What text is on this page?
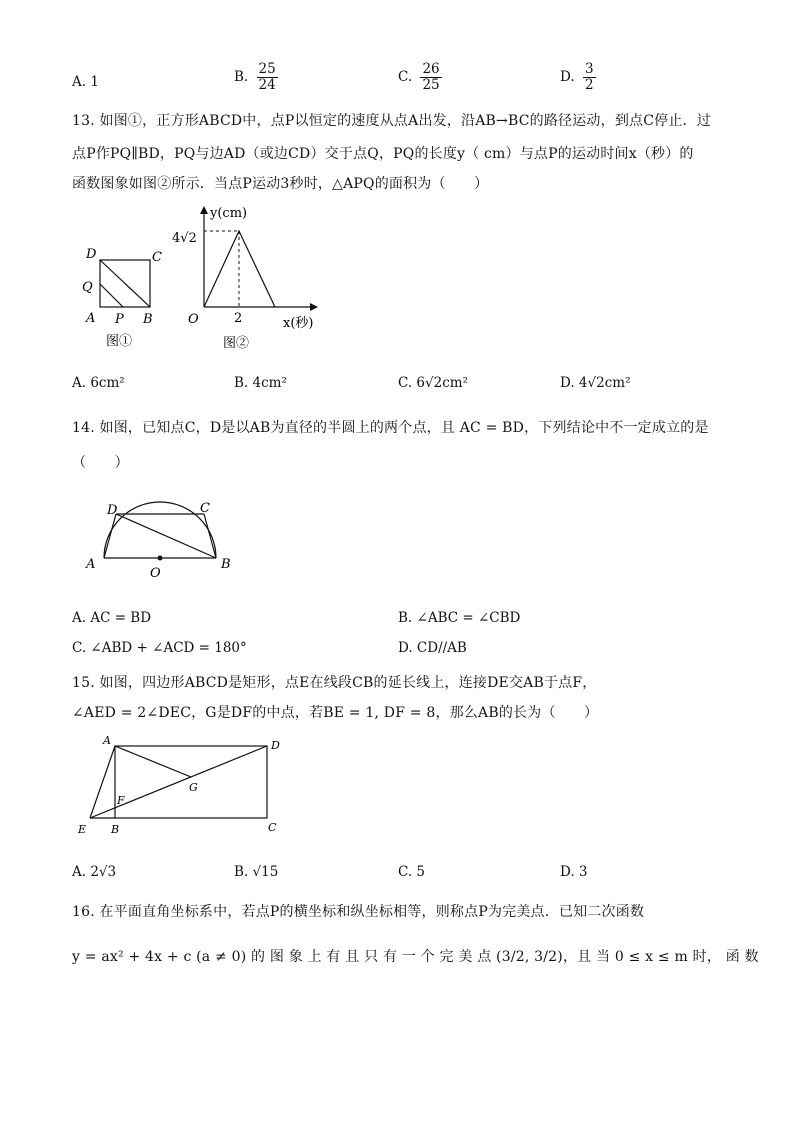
A. 1	B. $\frac{25}{24}$	C. $\frac{26}{25}$	D. $\frac{3}{2}$
13. 如图①，正方形ABCD中，点P以恒定的速度从点A出发，沿AB→BC的路径运动，到点C停止．过
点P作PQ∥BD，PQ与边AD（或边CD）交于点Q，PQ的长度y（ cm）与点P的运动时间x（秒）的
函数图象如图②所示．当点P运动3秒时，△APQ的面积为（　　）
D	C
Q
A P B
图①
y(cm)
4√2
O	2	x(秒)
图②
A. 6cm²	B. 4cm²	C. 6√2cm²	D. 4√2cm²
14. 如图，已知点C，D是以AB为直径的半圆上的两个点，且 AC = BD，下列结论中不一定成立的是
（　　）
D	C
A
O
B
A. AC = BD	B. ∠ABC = ∠CBD
C. ∠ABD + ∠ACD = 180°	D. CD//AB
15. 如图，四边形ABCD是矩形，点E在线段CB的延长线上，连接DE交AB于点F，
∠AED = 2∠DEC，G是DF的中点，若BE = 1, DF = 8，那么AB的长为（　　）
A	D
G
F
E B	C
A. 2√3	B. √15	C. 5	D. 3
16. 在平面直角坐标系中，若点P的横坐标和纵坐标相等，则称点P为完美点．已知二次函数
y = ax² + 4x + c (a ≠ 0) 的 图 象 上 有 且 只 有 一 个 完 美 点 (3/2, 3/2)，且 当 0 ≤ x ≤ m 时， 函 数
